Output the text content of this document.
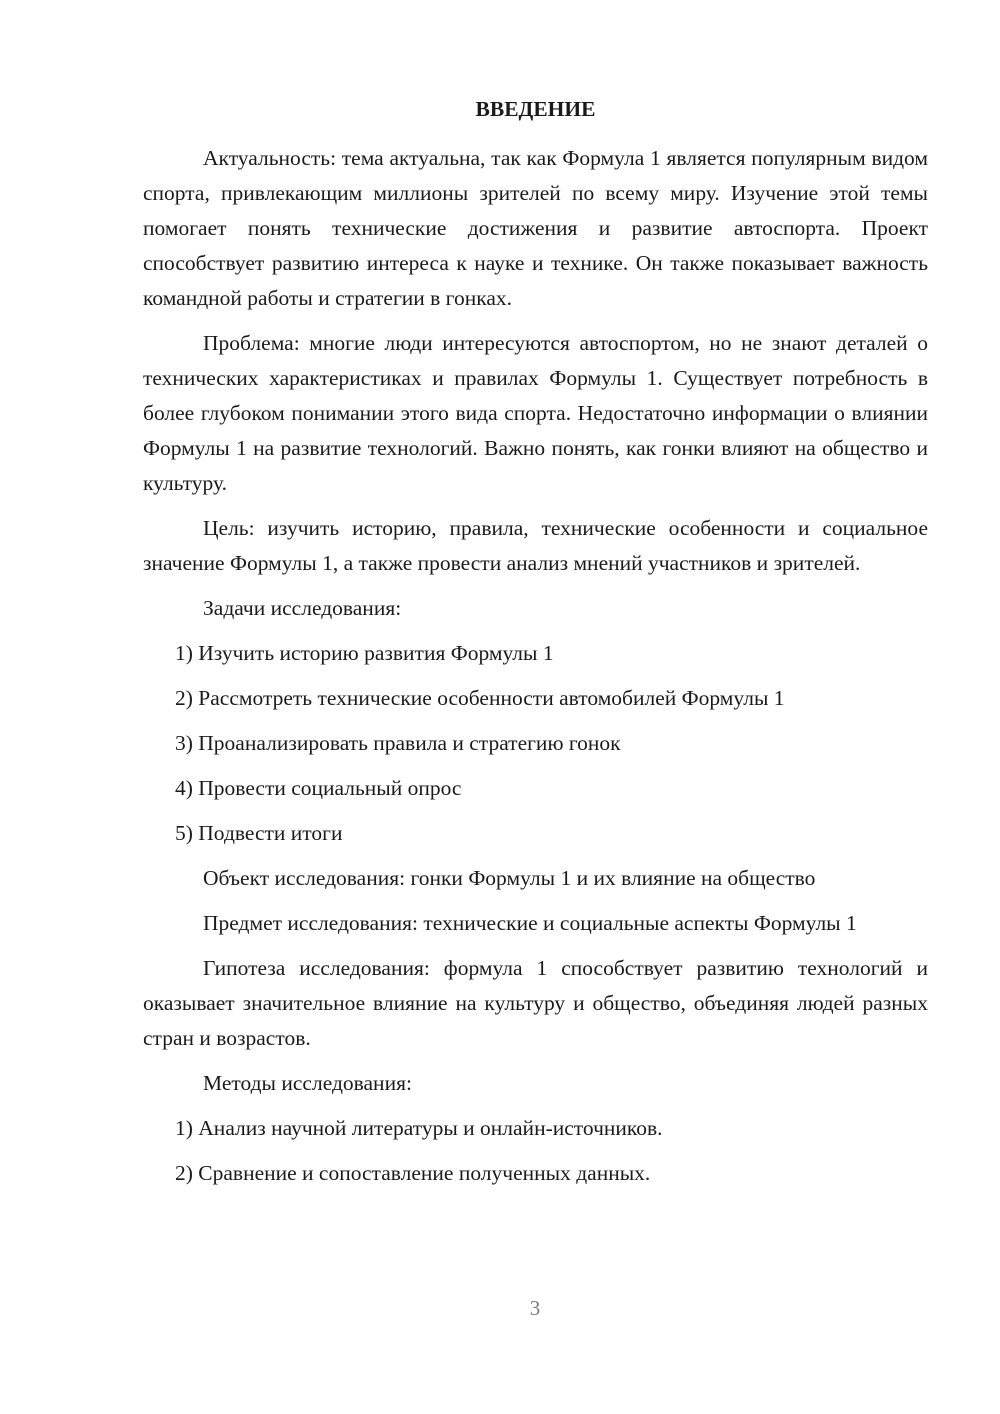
ВВЕДЕНИЕ

Актуальность: тема актуальна, так как Формула 1 является популярным видом спорта, привлекающим миллионы зрителей по всему миру. Изучение этой темы помогает понять технические достижения и развитие автоспорта. Проект способствует развитию интереса к науке и технике. Он также показывает важность командной работы и стратегии в гонках.

Проблема: многие люди интересуются автоспортом, но не знают деталей о технических характеристиках и правилах Формулы 1. Существует потребность в более глубоком понимании этого вида спорта. Недостаточно информации о влиянии Формулы 1 на развитие технологий. Важно понять, как гонки влияют на общество и культуру.

Цель: изучить историю, правила, технические особенности и социальное значение Формулы 1, а также провести анализ мнений участников и зрителей.

Задачи исследования:

1) Изучить историю развития Формулы 1

2) Рассмотреть технические особенности автомобилей Формулы 1

3) Проанализировать правила и стратегию гонок

4) Провести социальный опрос

5) Подвести итоги

Объект исследования: гонки Формулы 1 и их влияние на общество

Предмет исследования: технические и социальные аспекты Формулы 1

Гипотеза исследования: формула 1 способствует развитию технологий и оказывает значительное влияние на культуру и общество, объединяя людей разных стран и возрастов.

Методы исследования:

1) Анализ научной литературы и онлайн-источников.

2) Сравнение и сопоставление полученных данных.

3
